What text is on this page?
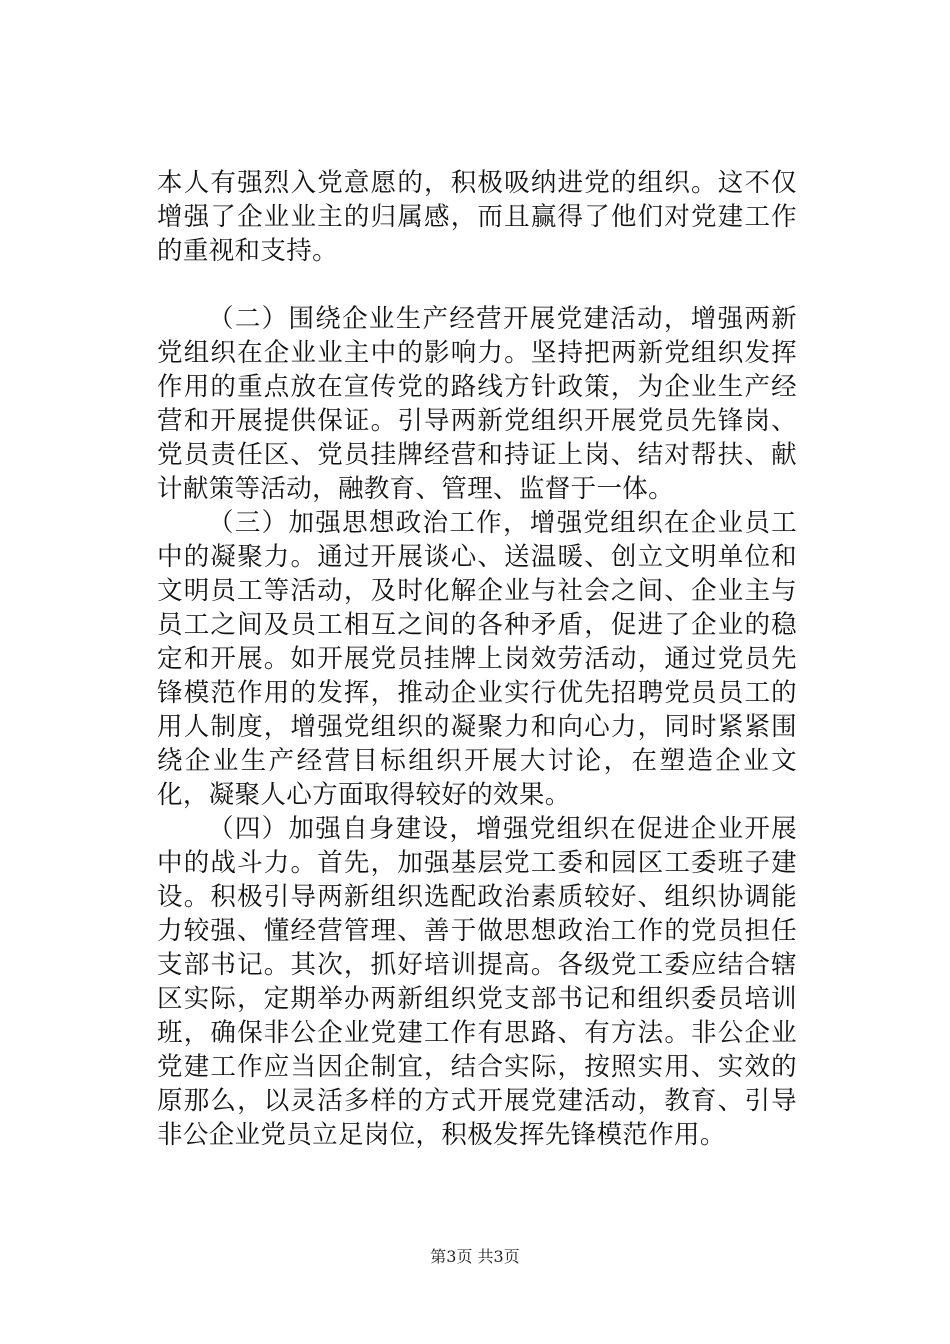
本人有强烈入党意愿的，积极吸纳进党的组织。这不仅增强了企业业主的归属感，而且赢得了他们对党建工作的重视和支持。

（二）围绕企业生产经营开展党建活动，增强两新党组织在企业业主中的影响力。坚持把两新党组织发挥作用的重点放在宣传党的路线方针政策，为企业生产经营和开展提供保证。引导两新党组织开展党员先锋岗、党员责任区、党员挂牌经营和持证上岗、结对帮扶、献计献策等活动，融教育、管理、监督于一体。

（三）加强思想政治工作，增强党组织在企业员工中的凝聚力。通过开展谈心、送温暖、创立文明单位和文明员工等活动，及时化解企业与社会之间、企业主与员工之间及员工相互之间的各种矛盾，促进了企业的稳定和开展。如开展党员挂牌上岗效劳活动，通过党员先锋模范作用的发挥，推动企业实行优先招聘党员员工的用人制度，增强党组织的凝聚力和向心力，同时紧紧围绕企业生产经营目标组织开展大讨论，在塑造企业文化，凝聚人心方面取得较好的效果。

（四）加强自身建设，增强党组织在促进企业开展中的战斗力。首先，加强基层党工委和园区工委班子建设。积极引导两新组织选配政治素质较好、组织协调能力较强、懂经营管理、善于做思想政治工作的党员担任支部书记。其次，抓好培训提高。各级党工委应结合辖区实际，定期举办两新组织党支部书记和组织委员培训班，确保非公企业党建工作有思路、有方法。非公企业党建工作应当因企制宜，结合实际，按照实用、实效的原那么，以灵活多样的方式开展党建活动，教育、引导非公企业党员立足岗位，积极发挥先锋模范作用。

第3页 共3页
